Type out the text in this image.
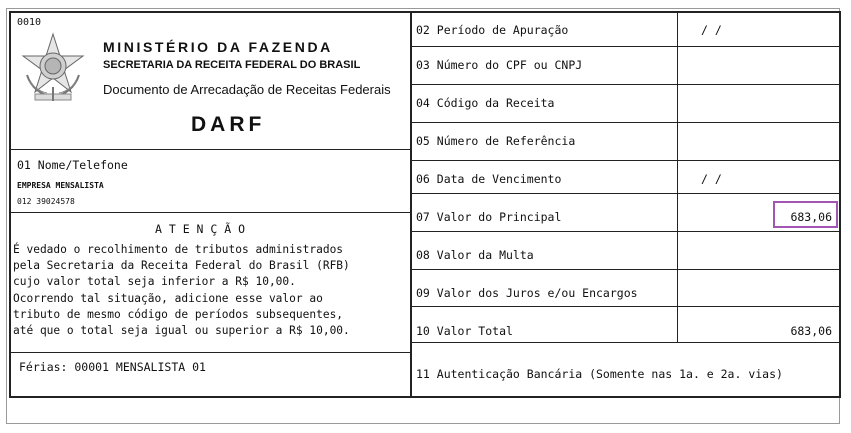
0010
MINISTÉRIO DA FAZENDA
SECRETARIA DA RECEITA FEDERAL DO BRASIL
Documento de Arrecadação de Receitas Federais
DARF
01 Nome/Telefone
EMPRESA MENSALISTA
012 39024578
A T E N Ç Ã O
É vedado o recolhimento de tributos administrados
pela Secretaria da Receita Federal do Brasil (RFB)
cujo valor total seja inferior a R$ 10,00.
Ocorrendo tal situação, adicione esse valor ao
tributo de mesmo código de períodos subsequentes,
até que o total seja igual ou superior a R$ 10,00.
Férias: 00001 MENSALISTA 01
02 Período de Apuração
03 Número do CPF ou CNPJ
04 Código da Receita
05 Número de Referência
06 Data de Vencimento
07 Valor do Principal
08 Valor da Multa
09 Valor dos Juros e/ou Encargos
10 Valor Total
11 Autenticação Bancária (Somente nas 1a. e 2a. vias)
/ /
/ /
683,06
683,06
